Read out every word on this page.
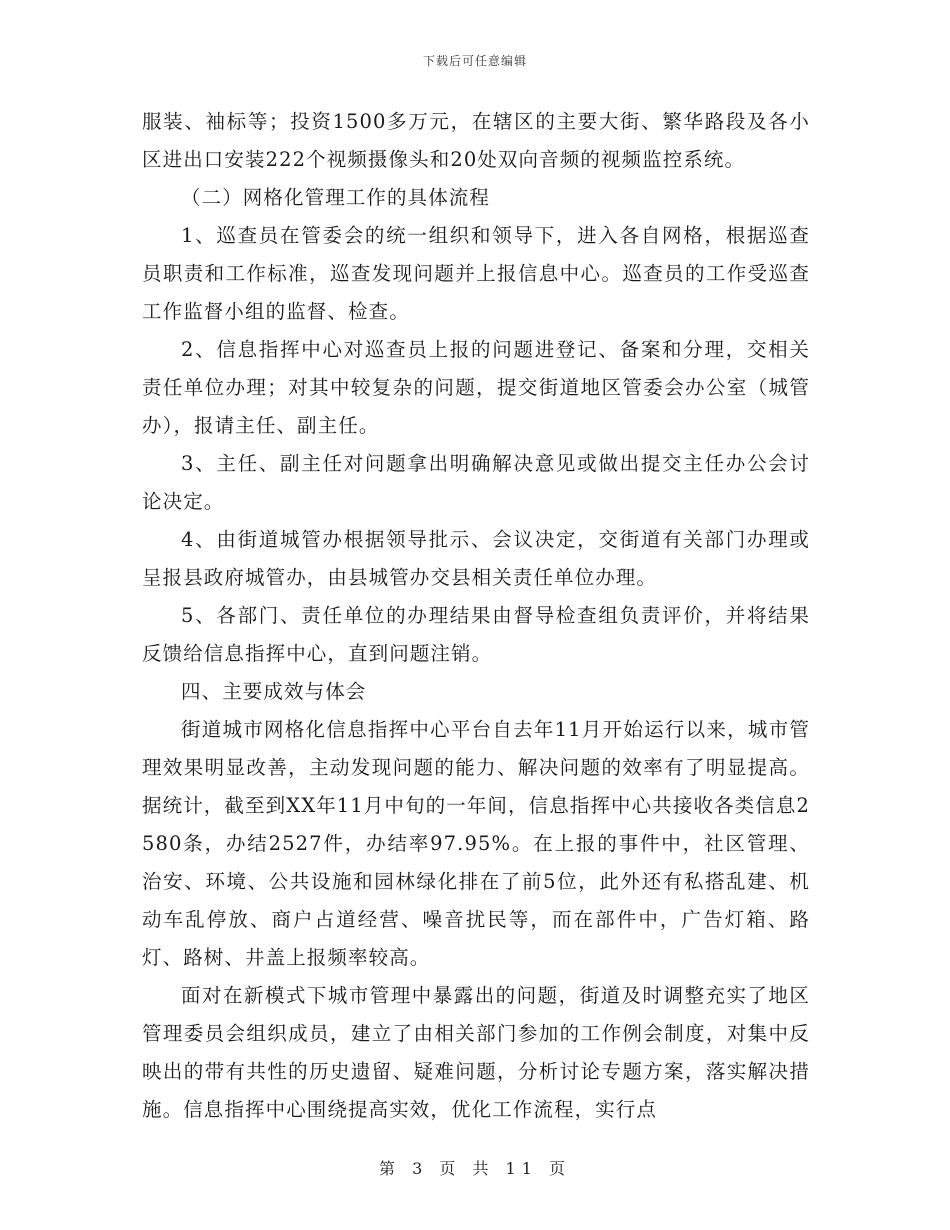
下载后可任意编辑

服装、袖标等；投资1500多万元，在辖区的主要大街、繁华路段及各小区进出口安装222个视频摄像头和20处双向音频的视频监控系统。

（二）网格化管理工作的具体流程

1、巡查员在管委会的统一组织和领导下，进入各自网格，根据巡查员职责和工作标准，巡查发现问题并上报信息中心。巡查员的工作受巡查工作监督小组的监督、检查。

2、信息指挥中心对巡查员上报的问题进登记、备案和分理，交相关责任单位办理；对其中较复杂的问题，提交街道地区管委会办公室（城管办），报请主任、副主任。

3、主任、副主任对问题拿出明确解决意见或做出提交主任办公会讨论决定。

4、由街道城管办根据领导批示、会议决定，交街道有关部门办理或呈报县政府城管办，由县城管办交县相关责任单位办理。

5、各部门、责任单位的办理结果由督导检查组负责评价，并将结果反馈给信息指挥中心，直到问题注销。

四、主要成效与体会

街道城市网格化信息指挥中心平台自去年11月开始运行以来，城市管理效果明显改善，主动发现问题的能力、解决问题的效率有了明显提高。据统计，截至到XX年11月中旬的一年间，信息指挥中心共接收各类信息2580条，办结2527件，办结率97.95%。在上报的事件中，社区管理、治安、环境、公共设施和园林绿化排在了前5位，此外还有私搭乱建、机动车乱停放、商户占道经营、噪音扰民等，而在部件中，广告灯箱、路灯、路树、井盖上报频率较高。

面对在新模式下城市管理中暴露出的问题，街道及时调整充实了地区管理委员会组织成员，建立了由相关部门参加的工作例会制度，对集中反映出的带有共性的历史遗留、疑难问题，分析讨论专题方案，落实解决措施。信息指挥中心围绕提高实效，优化工作流程，实行点

第 3 页 共 11 页
